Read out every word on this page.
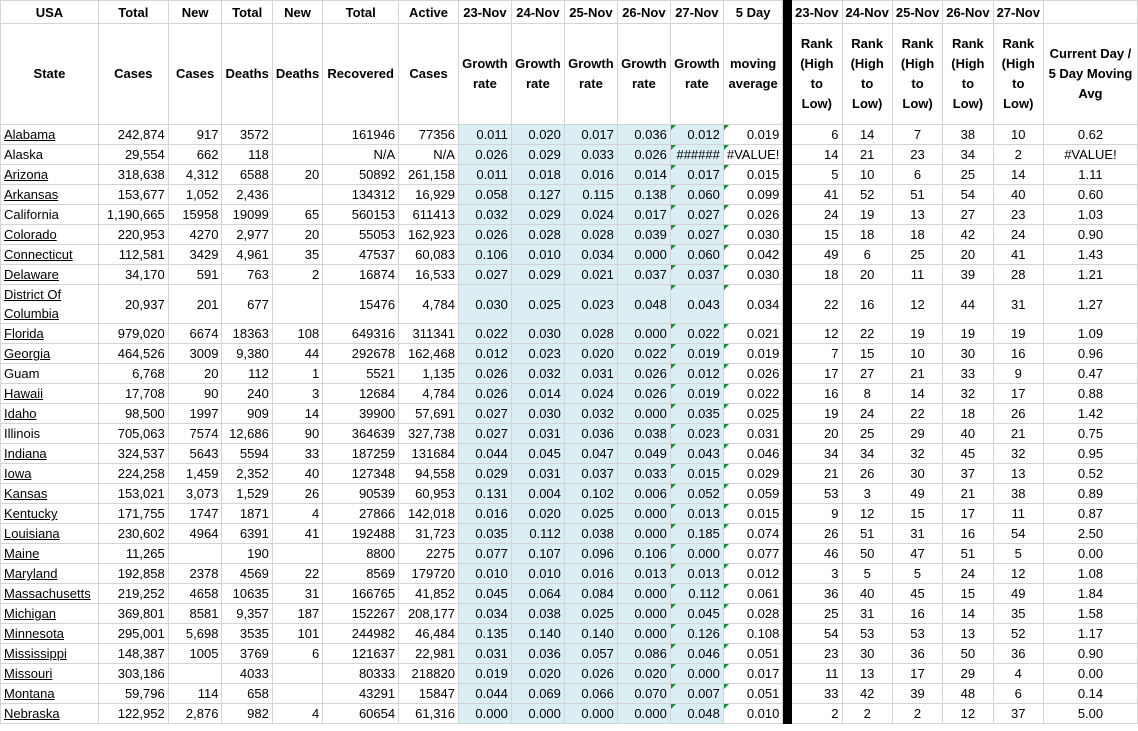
USA	Total	New	Total	New	Total	Active	23-Nov	24-Nov	25-Nov	26-Nov	27-Nov	5 Day		23-Nov	24-Nov	25-Nov	26-Nov	27-Nov	
State	Cases	Cases	Deaths	Deaths	Recovered	Cases	Growth rate	Growth rate	Growth rate	Growth rate	Growth rate	moving average		Rank (High to Low)	Rank (High to Low)	Rank (High to Low)	Rank (High to Low)	Rank (High to Low)	Current Day / 5 Day Moving Avg
Alabama	242,874	917	3572		161946	77356	0.011	0.020	0.017	0.036	0.012	0.019		6	14	7	38	10	0.62
Alaska	29,554	662	118		N/A	N/A	0.026	0.029	0.033	0.026	######	#VALUE!		14	21	23	34	2	#VALUE!
Arizona	318,638	4,312	6588	20	50892	261,158	0.011	0.018	0.016	0.014	0.017	0.015		5	10	6	25	14	1.11
Arkansas	153,677	1,052	2,436		134312	16,929	0.058	0.127	0.115	0.138	0.060	0.099		41	52	51	54	40	0.60
California	1,190,665	15958	19099	65	560153	611413	0.032	0.029	0.024	0.017	0.027	0.026		24	19	13	27	23	1.03
Colorado	220,953	4270	2,977	20	55053	162,923	0.026	0.028	0.028	0.039	0.027	0.030		15	18	18	42	24	0.90
Connecticut	112,581	3429	4,961	35	47537	60,083	0.106	0.010	0.034	0.000	0.060	0.042		49	6	25	20	41	1.43
Delaware	34,170	591	763	2	16874	16,533	0.027	0.029	0.021	0.037	0.037	0.030		18	20	11	39	28	1.21
District Of Columbia	20,937	201	677		15476	4,784	0.030	0.025	0.023	0.048	0.043	0.034		22	16	12	44	31	1.27
Florida	979,020	6674	18363	108	649316	311341	0.022	0.030	0.028	0.000	0.022	0.021		12	22	19	19	19	1.09
Georgia	464,526	3009	9,380	44	292678	162,468	0.012	0.023	0.020	0.022	0.019	0.019		7	15	10	30	16	0.96
Guam	6,768	20	112	1	5521	1,135	0.026	0.032	0.031	0.026	0.012	0.026		17	27	21	33	9	0.47
Hawaii	17,708	90	240	3	12684	4,784	0.026	0.014	0.024	0.026	0.019	0.022		16	8	14	32	17	0.88
Idaho	98,500	1997	909	14	39900	57,691	0.027	0.030	0.032	0.000	0.035	0.025		19	24	22	18	26	1.42
Illinois	705,063	7574	12,686	90	364639	327,738	0.027	0.031	0.036	0.038	0.023	0.031		20	25	29	40	21	0.75
Indiana	324,537	5643	5594	33	187259	131684	0.044	0.045	0.047	0.049	0.043	0.046		34	34	32	45	32	0.95
Iowa	224,258	1,459	2,352	40	127348	94,558	0.029	0.031	0.037	0.033	0.015	0.029		21	26	30	37	13	0.52
Kansas	153,021	3,073	1,529	26	90539	60,953	0.131	0.004	0.102	0.006	0.052	0.059		53	3	49	21	38	0.89
Kentucky	171,755	1747	1871	4	27866	142,018	0.016	0.020	0.025	0.000	0.013	0.015		9	12	15	17	11	0.87
Louisiana	230,602	4964	6391	41	192488	31,723	0.035	0.112	0.038	0.000	0.185	0.074		26	51	31	16	54	2.50
Maine	11,265		190		8800	2275	0.077	0.107	0.096	0.106	0.000	0.077		46	50	47	51	5	0.00
Maryland	192,858	2378	4569	22	8569	179720	0.010	0.010	0.016	0.013	0.013	0.012		3	5	5	24	12	1.08
Massachusetts	219,252	4658	10635	31	166765	41,852	0.045	0.064	0.084	0.000	0.112	0.061		36	40	45	15	49	1.84
Michigan	369,801	8581	9,357	187	152267	208,177	0.034	0.038	0.025	0.000	0.045	0.028		25	31	16	14	35	1.58
Minnesota	295,001	5,698	3535	101	244982	46,484	0.135	0.140	0.140	0.000	0.126	0.108		54	53	53	13	52	1.17
Mississippi	148,387	1005	3769	6	121637	22,981	0.031	0.036	0.057	0.086	0.046	0.051		23	30	36	50	36	0.90
Missouri	303,186		4033		80333	218820	0.019	0.020	0.026	0.020	0.000	0.017		11	13	17	29	4	0.00
Montana	59,796	114	658		43291	15847	0.044	0.069	0.066	0.070	0.007	0.051		33	42	39	48	6	0.14
Nebraska	122,952	2,876	982	4	60654	61,316	0.000	0.000	0.000	0.000	0.048	0.010		2	2	2	12	37	5.00
